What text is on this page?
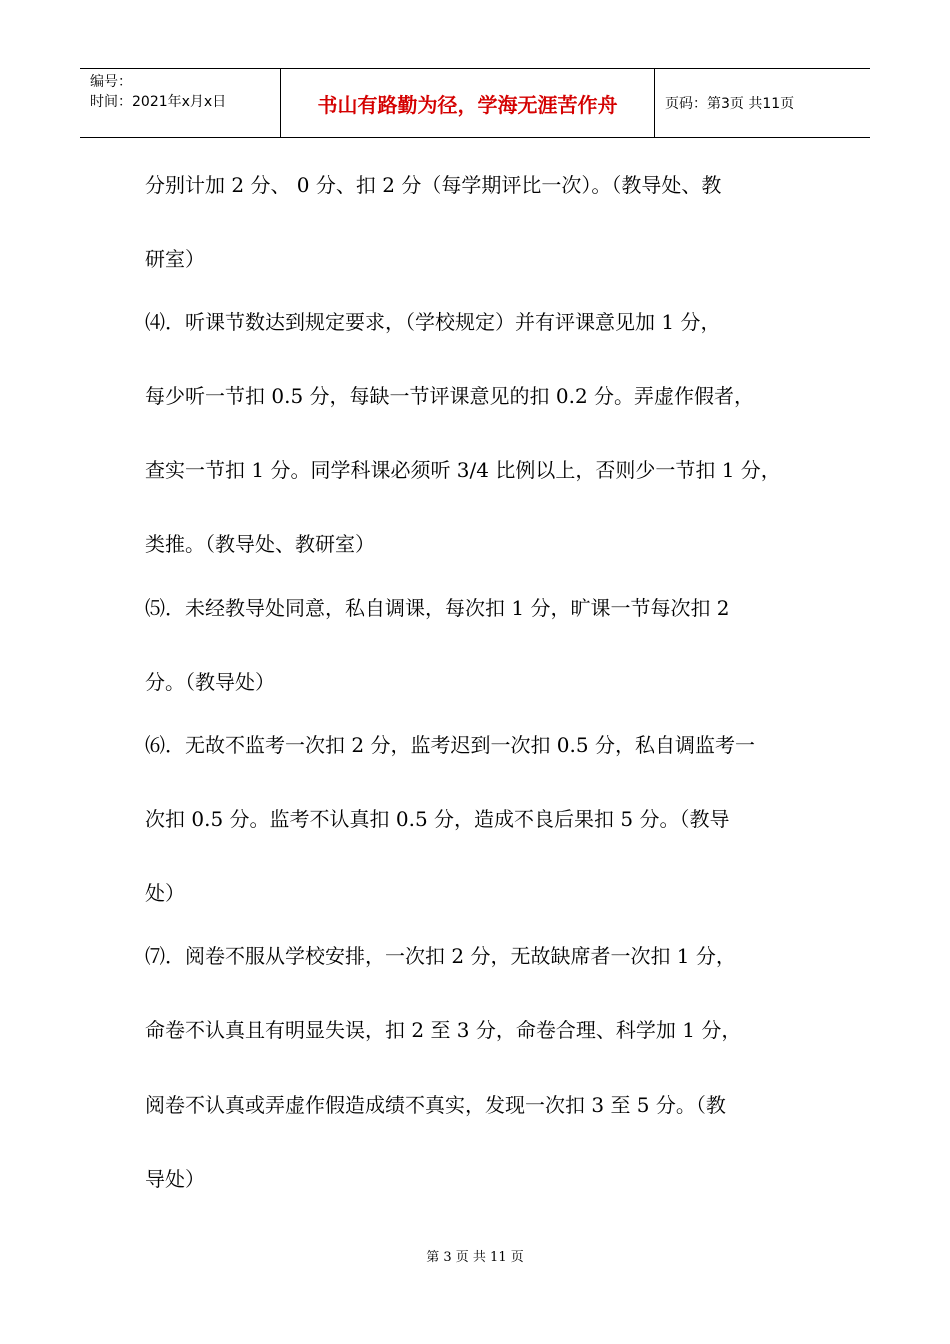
编号：
时间：2021年x月x日	书山有路勤为径，学海无涯苦作舟	页码：第3页 共11页
分别计加 2 分、 0 分、扣 2 分（每学期评比一次）。（教导处、教
研室）
⑷．听课节数达到规定要求，（学校规定）并有评课意见加 1 分，
每少听一节扣 0.5 分，每缺一节评课意见的扣 0.2 分。弄虚作假者，
查实一节扣 1 分。同学科课必须听 3/4 比例以上，否则少一节扣 1 分，
类推。（教导处、教研室）
⑸．未经教导处同意，私自调课，每次扣 1 分，旷课一节每次扣 2
分。（教导处）
⑹．无故不监考一次扣 2 分，监考迟到一次扣 0.5 分，私自调监考一
次扣 0.5 分。监考不认真扣 0.5 分，造成不良后果扣 5 分。（教导
处）
⑺．阅卷不服从学校安排，一次扣 2 分，无故缺席者一次扣 1 分，
命卷不认真且有明显失误，扣 2 至 3 分，命卷合理、科学加 1 分，
阅卷不认真或弄虚作假造成绩不真实，发现一次扣 3 至 5 分。（教
导处）
第 3 页 共 11 页
